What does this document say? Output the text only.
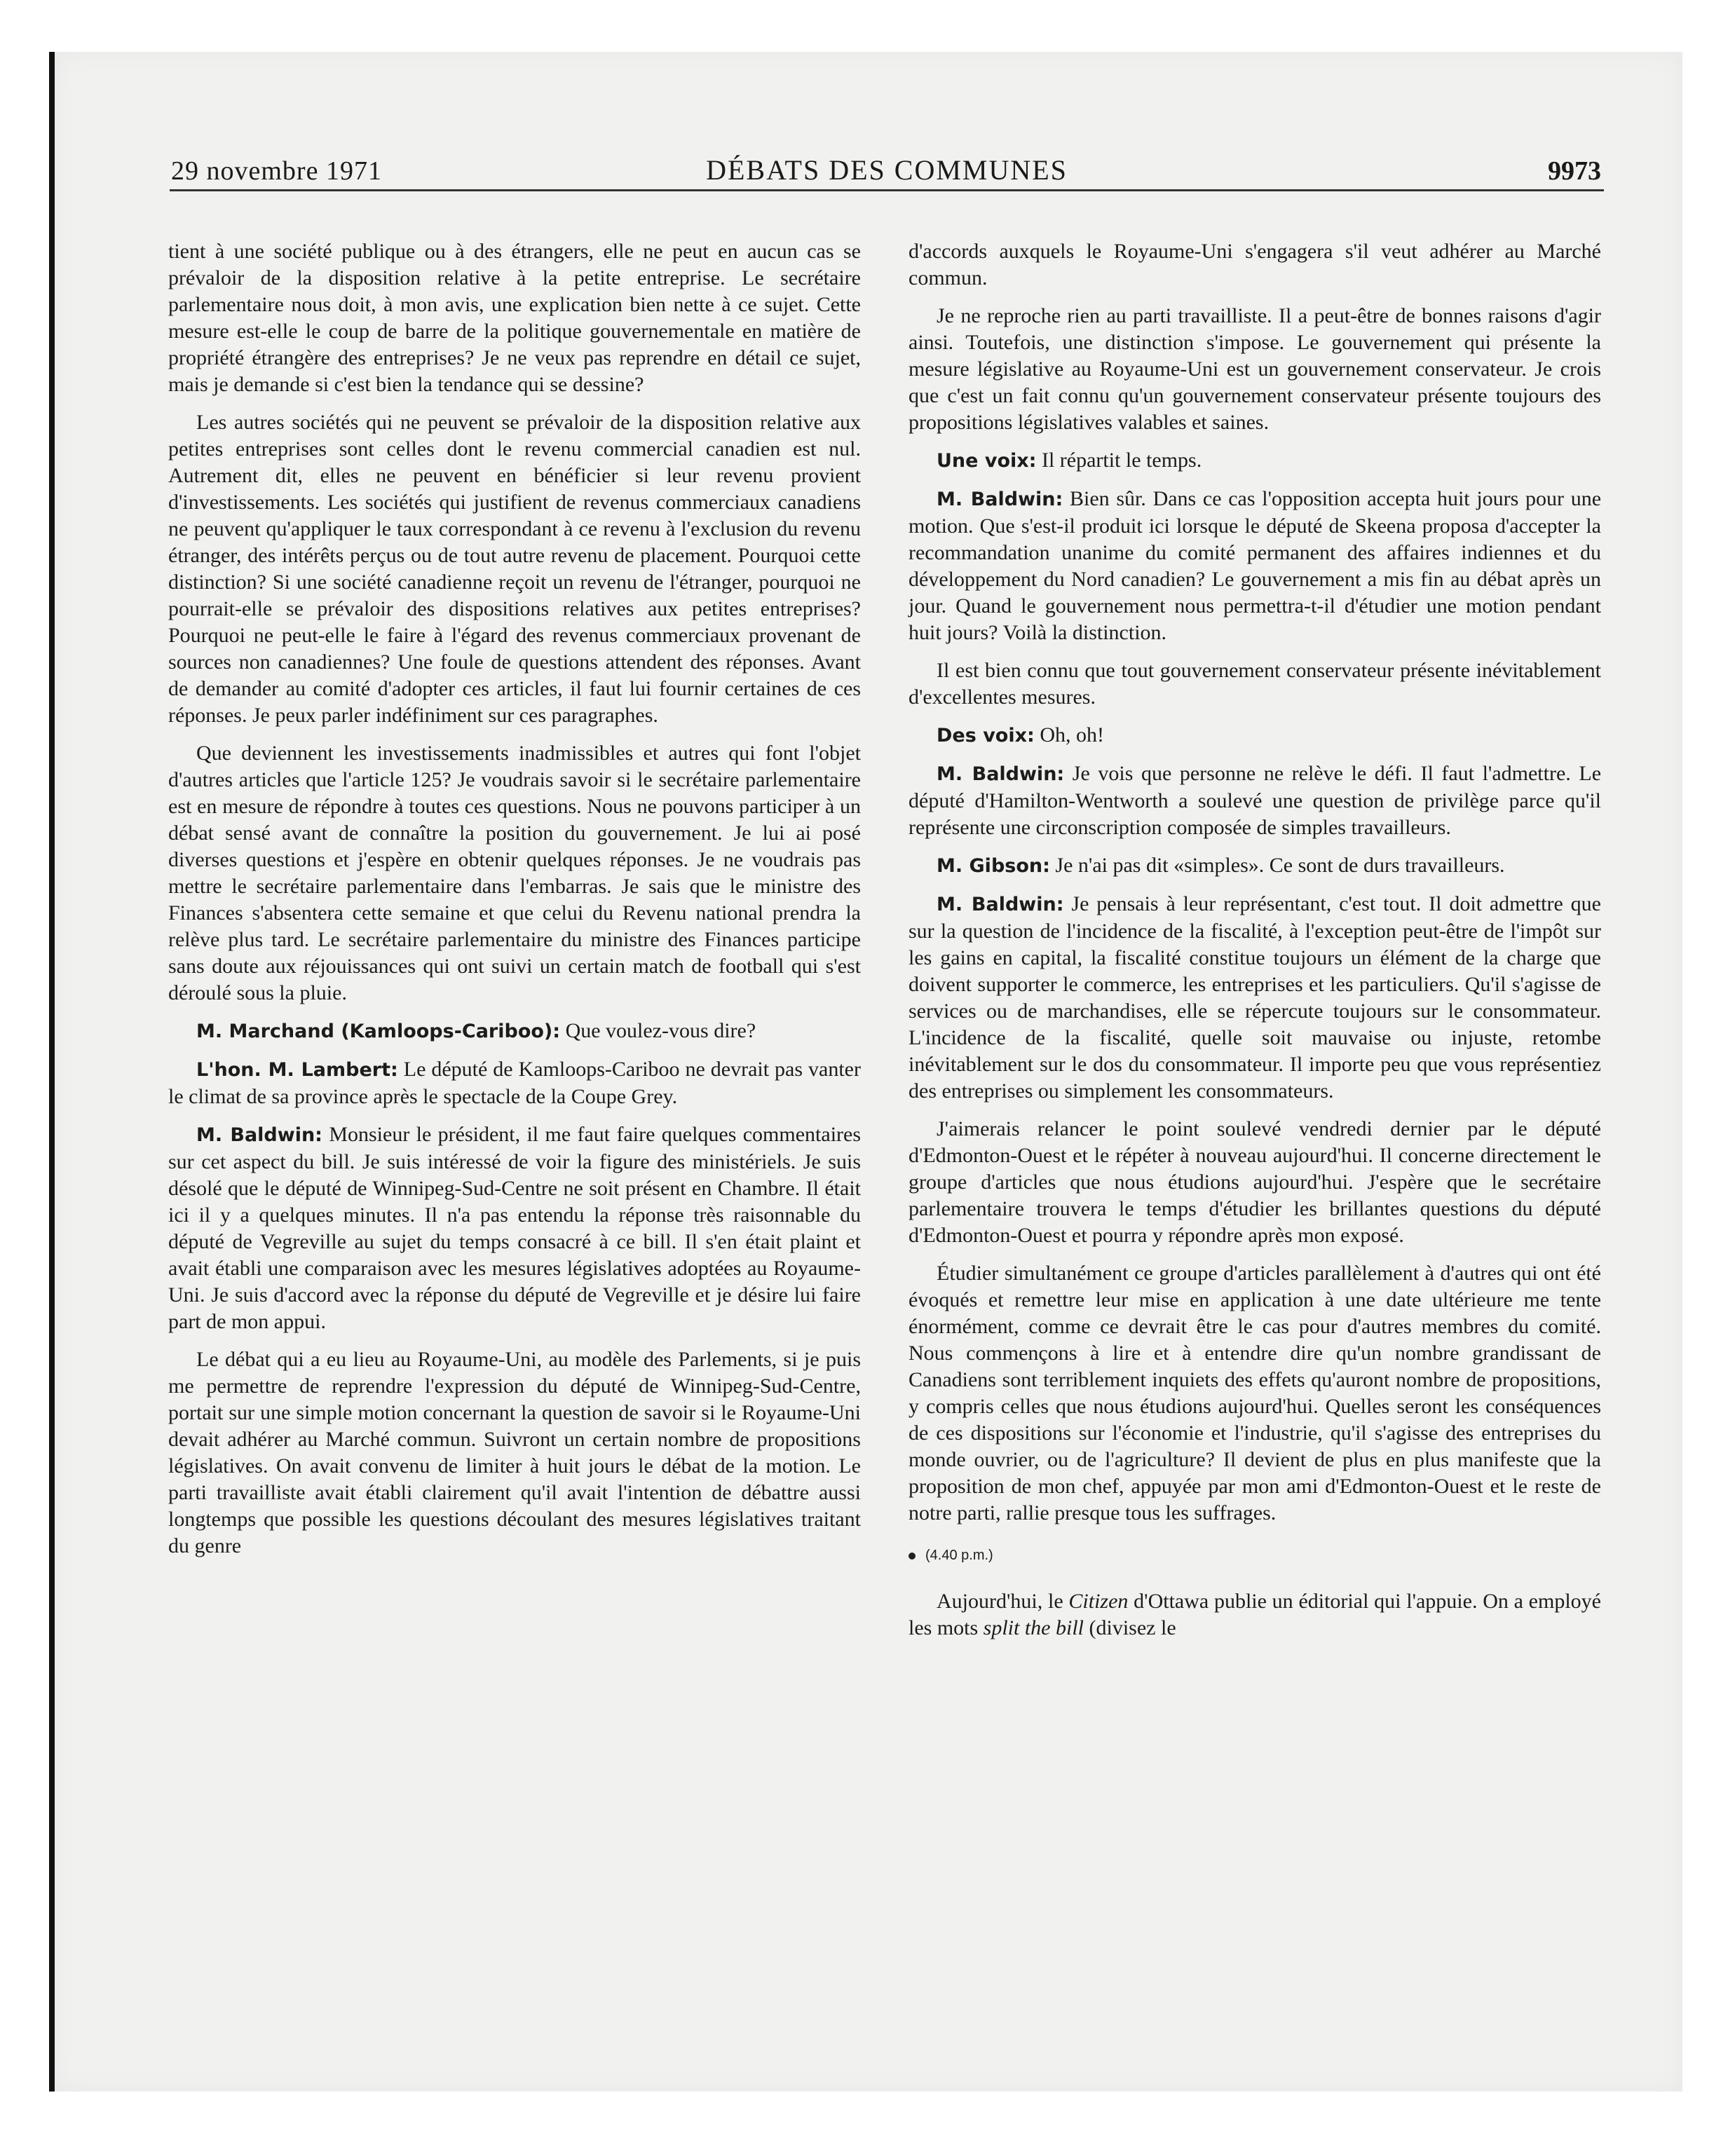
29 novembre 1971	DÉBATS DES COMMUNES	9973

tient à une société publique ou à des étrangers, elle ne peut en aucun cas se prévaloir de la disposition relative à la petite entreprise. Le secrétaire parlementaire nous doit, à mon avis, une explication bien nette à ce sujet. Cette mesure est-elle le coup de barre de la politique gouvernementale en matière de propriété étrangère des entreprises? Je ne veux pas reprendre en détail ce sujet, mais je demande si c'est bien la tendance qui se dessine?

Les autres sociétés qui ne peuvent se prévaloir de la disposition relative aux petites entreprises sont celles dont le revenu commercial canadien est nul. Autrement dit, elles ne peuvent en bénéficier si leur revenu provient d'investissements. Les sociétés qui justifient de revenus commerciaux canadiens ne peuvent qu'appliquer le taux correspondant à ce revenu à l'exclusion du revenu étranger, des intérêts perçus ou de tout autre revenu de placement. Pourquoi cette distinction? Si une société canadienne reçoit un revenu de l'étranger, pourquoi ne pourrait-elle se prévaloir des dispositions relatives aux petites entreprises? Pourquoi ne peut-elle le faire à l'égard des revenus commerciaux provenant de sources non canadiennes? Une foule de questions attendent des réponses. Avant de demander au comité d'adopter ces articles, il faut lui fournir certaines de ces réponses. Je peux parler indéfiniment sur ces paragraphes.

Que deviennent les investissements inadmissibles et autres qui font l'objet d'autres articles que l'article 125? Je voudrais savoir si le secrétaire parlementaire est en mesure de répondre à toutes ces questions. Nous ne pouvons participer à un débat sensé avant de connaître la position du gouvernement. Je lui ai posé diverses questions et j'espère en obtenir quelques réponses. Je ne voudrais pas mettre le secrétaire parlementaire dans l'embarras. Je sais que le ministre des Finances s'absentera cette semaine et que celui du Revenu national prendra la relève plus tard. Le secrétaire parlementaire du ministre des Finances participe sans doute aux réjouissances qui ont suivi un certain match de football qui s'est déroulé sous la pluie.

M. Marchand (Kamloops-Cariboo): Que voulez-vous dire?

L'hon. M. Lambert: Le député de Kamloops-Cariboo ne devrait pas vanter le climat de sa province après le spectacle de la Coupe Grey.

M. Baldwin: Monsieur le président, il me faut faire quelques commentaires sur cet aspect du bill. Je suis intéressé de voir la figure des ministériels. Je suis désolé que le député de Winnipeg-Sud-Centre ne soit présent en Chambre. Il était ici il y a quelques minutes. Il n'a pas entendu la réponse très raisonnable du député de Vegreville au sujet du temps consacré à ce bill. Il s'en était plaint et avait établi une comparaison avec les mesures législatives adoptées au Royaume-Uni. Je suis d'accord avec la réponse du député de Vegreville et je désire lui faire part de mon appui.

Le débat qui a eu lieu au Royaume-Uni, au modèle des Parlements, si je puis me permettre de reprendre l'expression du député de Winnipeg-Sud-Centre, portait sur une simple motion concernant la question de savoir si le Royaume-Uni devait adhérer au Marché commun. Suivront un certain nombre de propositions législatives. On avait convenu de limiter à huit jours le débat de la motion. Le parti travailliste avait établi clairement qu'il avait l'intention de débattre aussi longtemps que possible les questions découlant des mesures législatives traitant du genre

d'accords auxquels le Royaume-Uni s'engagera s'il veut adhérer au Marché commun.

Je ne reproche rien au parti travailliste. Il a peut-être de bonnes raisons d'agir ainsi. Toutefois, une distinction s'impose. Le gouvernement qui présente la mesure législative au Royaume-Uni est un gouvernement conservateur. Je crois que c'est un fait connu qu'un gouvernement conservateur présente toujours des propositions législatives valables et saines.

Une voix: Il répartit le temps.

M. Baldwin: Bien sûr. Dans ce cas l'opposition accepta huit jours pour une motion. Que s'est-il produit ici lorsque le député de Skeena proposa d'accepter la recommandation unanime du comité permanent des affaires indiennes et du développement du Nord canadien? Le gouvernement a mis fin au débat après un jour. Quand le gouvernement nous permettra-t-il d'étudier une motion pendant huit jours? Voilà la distinction.

Il est bien connu que tout gouvernement conservateur présente inévitablement d'excellentes mesures.

Des voix: Oh, oh!

M. Baldwin: Je vois que personne ne relève le défi. Il faut l'admettre. Le député d'Hamilton-Wentworth a soulevé une question de privilège parce qu'il représente une circonscription composée de simples travailleurs.

M. Gibson: Je n'ai pas dit «simples». Ce sont de durs travailleurs.

M. Baldwin: Je pensais à leur représentant, c'est tout. Il doit admettre que sur la question de l'incidence de la fiscalité, à l'exception peut-être de l'impôt sur les gains en capital, la fiscalité constitue toujours un élément de la charge que doivent supporter le commerce, les entreprises et les particuliers. Qu'il s'agisse de services ou de marchandises, elle se répercute toujours sur le consommateur. L'incidence de la fiscalité, quelle soit mauvaise ou injuste, retombe inévitablement sur le dos du consommateur. Il importe peu que vous représentiez des entreprises ou simplement les consommateurs.

J'aimerais relancer le point soulevé vendredi dernier par le député d'Edmonton-Ouest et le répéter à nouveau aujourd'hui. Il concerne directement le groupe d'articles que nous étudions aujourd'hui. J'espère que le secrétaire parlementaire trouvera le temps d'étudier les brillantes questions du député d'Edmonton-Ouest et pourra y répondre après mon exposé.

Étudier simultanément ce groupe d'articles parallèlement à d'autres qui ont été évoqués et remettre leur mise en application à une date ultérieure me tente énormément, comme ce devrait être le cas pour d'autres membres du comité. Nous commençons à lire et à entendre dire qu'un nombre grandissant de Canadiens sont terriblement inquiets des effets qu'auront nombre de propositions, y compris celles que nous étudions aujourd'hui. Quelles seront les conséquences de ces dispositions sur l'économie et l'industrie, qu'il s'agisse des entreprises du monde ouvrier, ou de l'agriculture? Il devient de plus en plus manifeste que la proposition de mon chef, appuyée par mon ami d'Edmonton-Ouest et le reste de notre parti, rallie presque tous les suffrages.

(4.40 p.m.)

Aujourd'hui, le Citizen d'Ottawa publie un éditorial qui l'appuie. On a employé les mots split the bill (divisez le
